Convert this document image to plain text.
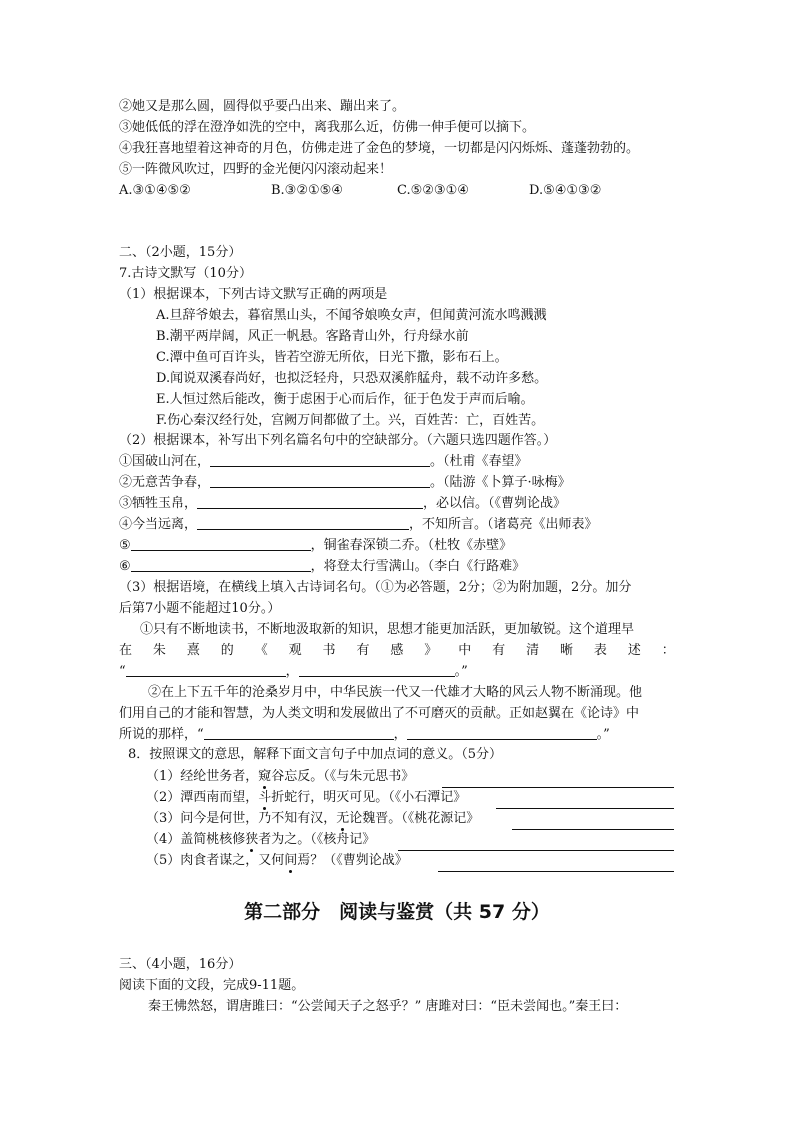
②她又是那么圆，圆得似乎要凸出来、蹦出来了。
③她低低的浮在澄净如洗的空中，离我那么近，仿佛一伸手便可以摘下。
④我狂喜地望着这神奇的月色，仿佛走进了金色的梦境，一切都是闪闪烁烁、蓬蓬勃勃的。
⑤一阵微风吹过，四野的金光便闪闪滚动起来！
A.③①④⑤②	B.③②①⑤④	C.⑤②③①④	D.⑤④①③②
二、（2小题，15分）
7.古诗文默写（10分）
（1）根据课本，下列古诗文默写正确的两项是
A.旦辞爷娘去，暮宿黑山头，不闻爷娘唤女声，但闻黄河流水鸣溅溅
B.潮平两岸阔，风正一帆悬。客路青山外，行舟绿水前
C.潭中鱼可百许头，皆若空游无所依，日光下撒，影布石上。
D.闻说双溪春尚好，也拟泛轻舟，只恐双溪舴艋舟，载不动许多愁。
E.人恒过然后能改，衡于虑困于心而后作，征于色发于声而后喻。
F.伤心秦汉经行处，宫阙万间都做了土。兴，百姓苦：亡，百姓苦。
（2）根据课本，补写出下列名篇名句中的空缺部分。（六题只选四题作答。）
①国破山河在，	。（杜甫《春望》
②无意苦争春，	。（陆游《卜算子·咏梅》
③牺牲玉帛，	，必以信。（《曹刿论战》
④今当远离，	，不知所言。（诸葛亮《出师表》
⑤	，铜雀春深锁二乔。（杜牧《赤壁》
⑥	，将登太行雪满山。（李白《行路难》
（3）根据语境，在横线上填入古诗词名句。（①为必答题，2分；②为附加题，2分。加分
后第7小题不能超过10分。）
①只有不断地读书，不断地汲取新的知识，思想才能更加活跃，更加敏锐。这个道理早
在 朱 熹 的 《 观 书 有 感 》 中 有 清 晰 表 述 ：
“	，	。”
②在上下五千年的沧桑岁月中，中华民族一代又一代雄才大略的风云人物不断涌现。他
们用自己的才能和智慧，为人类文明和发展做出了不可磨灭的贡献。正如赵翼在《论诗》中
所说的那样，“	，	。”
8．按照课文的意思，解释下面文言句子中加点词的意义。（5分）
（1）经纶世务者，窥谷忘反。（《与朱元思书》
（2）潭西南而望，斗折蛇行，明灭可见。（《小石潭记》
（3）问今是何世，乃不知有汉，无论魏晋。（《桃花源记》
（4）盖简桃核修狭者为之。（《核舟记》
（5）肉食者谋之，又何间焉？（《曹刿论战》
第二部分　阅读与鉴赏（共 57 分）
三、（4小题，16分）
阅读下面的文段，完成9-11题。
秦王怫然怒，谓唐雎曰：“公尝闻天子之怒乎？” 唐雎对曰：“臣未尝闻也。”秦王曰：
